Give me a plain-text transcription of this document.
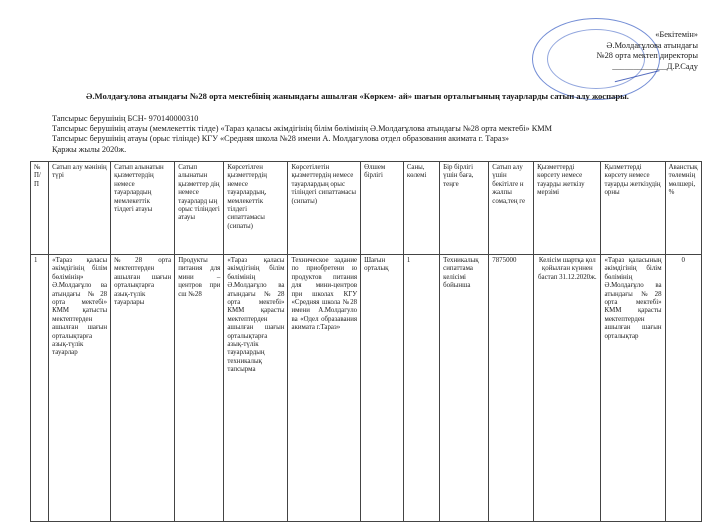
«Бекітемін»
Ә.Молдағұлова атындағы
№28 орта мектеп директоры
_____________Д.Р.Саду
Ә.Молдағұлова атындағы №28 орта мектебінің жанындағы ашылған «Көркем- ай» шағын орталығының тауарларды сатып алу жоспары.
Тапсырыс берушінің БСН- 970140000310
Тапсырыс берушінің атауы (мемлекеттік тілде) «Тараз қаласы әкімдігінің білім бөлімінің Ә.Молдағұлова атындағы №28 орта мектебі» КММ
Тапсырыс берушінің атауы (орыс тілінде) КГУ «Средняя школа №28 имени А. Молдагулова отдел образования акимата г. Тараз»
Қаржы жылы 2020ж.
№ П/П	Сатып алу мәнінің түрі	Сатып алынатын қызметтердің немесе тауарлардың мемлекеттік тілдегі атауы	Сатып алынатын қызметтер дің немесе тауарлард ың орыс тіліндегі атауы	Көрсетілген қызметтердің немесе тауарлардың, мемлекеттік тілдегі сипаттамасы (сипаты)	Көрсетілетін қызметтердің немесе тауарлардың орыс тіліндегі сипаттамасы (сипаты)	Өлшем бірлігі	Саны, көлемі	Бір бірлігі үшін баға, теңге	Сатып алу үшін бекітілге н жалпы сома,тең ге	Қызметтерді көрсету немесе тауарды жеткізу мерзімі	Қызметтерді көрсету немесе тауарды жеткізудің орны	Аванстық төлемнің мөлшері,%
1	«Тараз қаласы әкімдігінің білім бөлімінің» Ә.Молдағұло ва атындағы №28 орта мектебі» КММ қатысты мектептерден ашылған шағын орталықтарға азық-түлік тауарлар	№28 орта мектептерден ашылған шағын орталықтарға азық-түлік тауарлары	Продукты питания для мини –центров при сш №28	«Тараз қаласы әкімдігінің білім бөлімінің Ә.Молдағұло ва атындағы №28 орта мектебі» КММ қарасты мектептерден ашылған шағын орталықтарға азық-түлік тауарлардың техникалық тапсырма	Техническое задание по приобретени ю продуктов питания для мини-центров при школах КГУ «Средняя школа №28 имени А.Молдагуло ва «Одел образавания акимата г.Тараз»	Шағын орталық	1	Техникалық сипаттама келісімі бойынша	7875000	Келісім шартқа қол қойылған күннен бастап 31.12.2020ж.	«Тараз қаласының әкімдігінің білім бөлімінің Ә.Молдағұло ва атындағы №28 орта мектебі» КММ қарасты мектептерден ашылған шағын орталықтар	0
